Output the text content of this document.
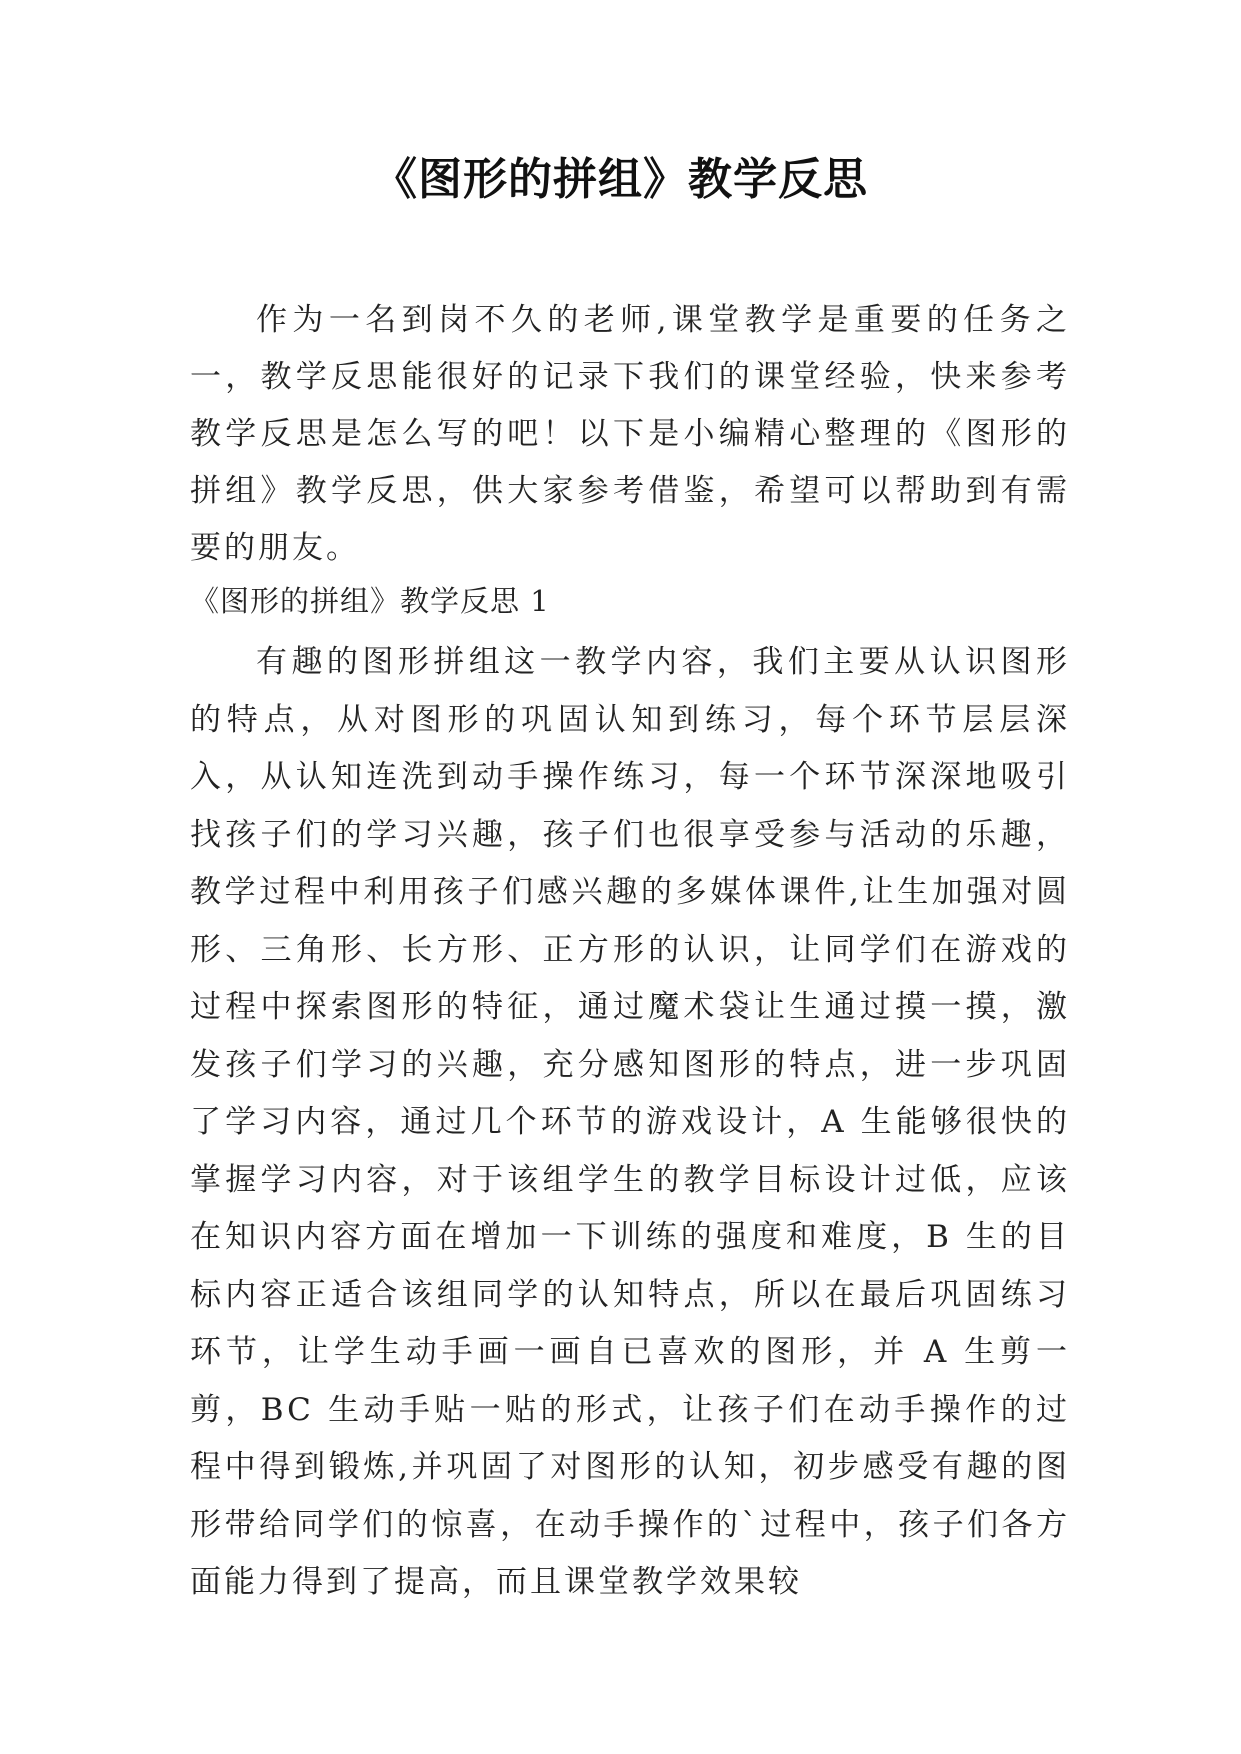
《图形的拼组》教学反思
作为一名到岗不久的老师,课堂教学是重要的任务之一，教学反思能很好的记录下我们的课堂经验，快来参考教学反思是怎么写的吧！以下是小编精心整理的《图形的拼组》教学反思，供大家参考借鉴，希望可以帮助到有需要的朋友。
《图形的拼组》教学反思 1
有趣的图形拼组这一教学内容，我们主要从认识图形的特点，从对图形的巩固认知到练习，每个环节层层深入，从认知连洗到动手操作练习，每一个环节深深地吸引找孩子们的学习兴趣，孩子们也很享受参与活动的乐趣，教学过程中利用孩子们感兴趣的多媒体课件,让生加强对圆形、三角形、长方形、正方形的认识，让同学们在游戏的过程中探索图形的特征，通过魔术袋让生通过摸一摸，激发孩子们学习的兴趣，充分感知图形的特点，进一步巩固了学习内容，通过几个环节的游戏设计，A 生能够很快的掌握学习内容，对于该组学生的教学目标设计过低，应该在知识内容方面在增加一下训练的强度和难度，B 生的目标内容正适合该组同学的认知特点，所以在最后巩固练习环节，让学生动手画一画自已喜欢的图形，并 A 生剪一剪，BC 生动手贴一贴的形式，让孩子们在动手操作的过程中得到锻炼,并巩固了对图形的认知，初步感受有趣的图形带给同学们的惊喜，在动手操作的`过程中，孩子们各方面能力得到了提高，而且课堂教学效果较
